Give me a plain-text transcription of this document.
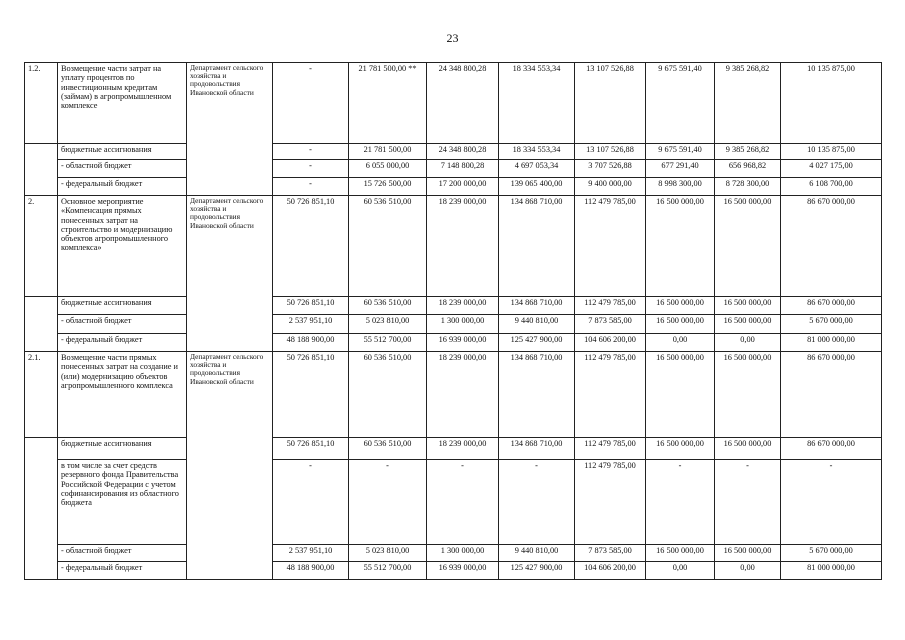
23
1.2.	Возмещение части затрат на уплату процентов по инвестиционным кредитам (займам) в агропромышленном комплексе	Департамент сельского хозяйства и продовольствия Ивановской области	-	21 781 500,00 **	24 348 800,28	18 334 553,34	13 107 526,88	9 675 591,40	9 385 268,82	10 135 875,00
	бюджетные ассигнования		-	21 781 500,00	24 348 800,28	18 334 553,34	13 107 526,88	9 675 591,40	9 385 268,82	10 135 875,00
	- областной бюджет		-	6 055 000,00	7 148 800,28	4 697 053,34	3 707 526,88	677 291,40	656 968,82	4 027 175,00
	- федеральный бюджет		-	15 726 500,00	17 200 000,00	139 065 400,00	9 400 000,00	8 998 300,00	8 728 300,00	6 108 700,00
2.	Основное мероприятие «Компенсация прямых понесенных затрат на строительство и модернизацию объектов агропромышленного комплекса»	Департамент сельского хозяйства и продовольствия Ивановской области	50 726 851,10	60 536 510,00	18 239 000,00	134 868 710,00	112 479 785,00	16 500 000,00	16 500 000,00	86 670 000,00
	бюджетные ассигнования		50 726 851,10	60 536 510,00	18 239 000,00	134 868 710,00	112 479 785,00	16 500 000,00	16 500 000,00	86 670 000,00
	- областной бюджет		2 537 951,10	5 023 810,00	1 300 000,00	9 440 810,00	7 873 585,00	16 500 000,00	16 500 000,00	5 670 000,00
	- федеральный бюджет		48 188 900,00	55 512 700,00	16 939 000,00	125 427 900,00	104 606 200,00	0,00	0,00	81 000 000,00
2.1.	Возмещение части прямых понесенных затрат на создание и (или) модернизацию объектов агропромышленного комплекса	Департамент сельского хозяйства и продовольствия Ивановской области	50 726 851,10	60 536 510,00	18 239 000,00	134 868 710,00	112 479 785,00	16 500 000,00	16 500 000,00	86 670 000,00
	бюджетные ассигнования		50 726 851,10	60 536 510,00	18 239 000,00	134 868 710,00	112 479 785,00	16 500 000,00	16 500 000,00	86 670 000,00
	в том числе за счет средств резервного фонда Правительства Российской Федерации с учетом софинансирования из областного бюджета		-	-	-	-	112 479 785,00	-	-	-
	- областной бюджет		2 537 951,10	5 023 810,00	1 300 000,00	9 440 810,00	7 873 585,00	16 500 000,00	16 500 000,00	5 670 000,00
	- федеральный бюджет		48 188 900,00	55 512 700,00	16 939 000,00	125 427 900,00	104 606 200,00	0,00	0,00	81 000 000,00
